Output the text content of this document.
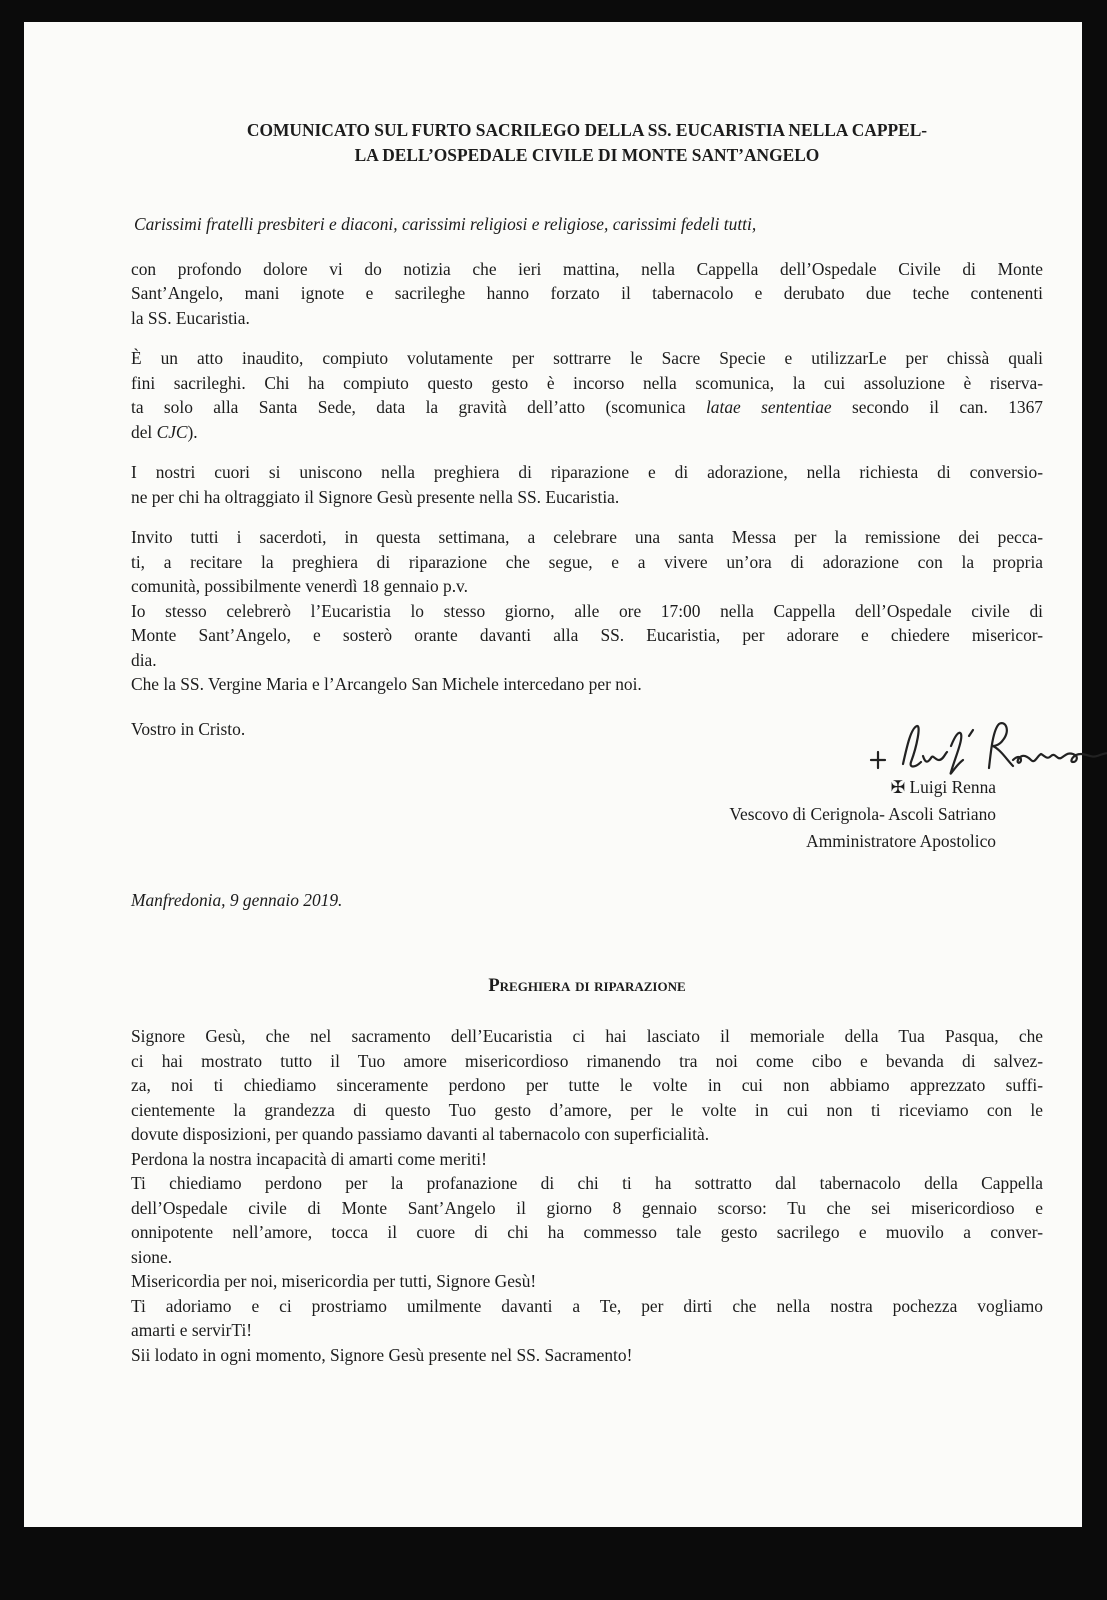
COMUNICATO SUL FURTO SACRILEGO DELLA SS. EUCARISTIA NELLA CAPPEL-
LA DELL’OSPEDALE CIVILE DI MONTE SANT’ANGELO
Carissimi fratelli presbiteri e diaconi, carissimi religiosi e religiose, carissimi fedeli tutti,

con profondo dolore vi do notizia che ieri mattina, nella Cappella dell’Ospedale Civile di Monte
Sant’Angelo, mani ignote e sacrileghe hanno forzato il tabernacolo e derubato due teche contenenti
la SS. Eucaristia.

È un atto inaudito, compiuto volutamente per sottrarre le Sacre Specie e utilizzarLe per chissà quali
fini sacrileghi. Chi ha compiuto questo gesto è incorso nella scomunica, la cui assoluzione è riserva-
ta solo alla Santa Sede, data la gravità dell’atto (scomunica latae sententiae secondo il can. 1367
del CJC).

I nostri cuori si uniscono nella preghiera di riparazione e di adorazione, nella richiesta di conversio-
ne per chi ha oltraggiato il Signore Gesù presente nella SS. Eucaristia.

Invito tutti i sacerdoti, in questa settimana, a celebrare una santa Messa per la remissione dei pecca-
ti, a recitare la preghiera di riparazione che segue, e a vivere un’ora di adorazione con la propria
comunità, possibilmente venerdì 18 gennaio p.v.
Io stesso celebrerò l’Eucaristia lo stesso giorno, alle ore 17:00 nella Cappella dell’Ospedale civile di
Monte Sant’Angelo, e sosterò orante davanti alla SS. Eucaristia, per adorare e chiedere misericor-
dia.
Che la SS. Vergine Maria e l’Arcangelo San Michele intercedano per noi.

Vostro in Cristo.
✠ Luigi Renna
Vescovo di Cerignola- Ascoli Satriano
Amministratore Apostolico
Manfredonia, 9 gennaio 2019.
Preghiera di riparazione
Signore Gesù, che nel sacramento dell’Eucaristia ci hai lasciato il memoriale della Tua Pasqua, che
ci hai mostrato tutto il Tuo amore misericordioso rimanendo tra noi come cibo e bevanda di salvez-
za, noi ti chiediamo sinceramente perdono per tutte le volte in cui non abbiamo apprezzato suffi-
cientemente la grandezza di questo Tuo gesto d’amore, per le volte in cui non ti riceviamo con le
dovute disposizioni, per quando passiamo davanti al tabernacolo con superficialità.
Perdona la nostra incapacità di amarti come meriti!
Ti chiediamo perdono per la profanazione di chi ti ha sottratto dal tabernacolo della Cappella
dell’Ospedale civile di Monte Sant’Angelo il giorno 8 gennaio scorso: Tu che sei misericordioso e
onnipotente nell’amore, tocca il cuore di chi ha commesso tale gesto sacrilego e muovilo a conver-
sione.
Misericordia per noi, misericordia per tutti, Signore Gesù!
Ti adoriamo e ci prostriamo umilmente davanti a Te, per dirti che nella nostra pochezza vogliamo
amarti e servirTi!
Sii lodato in ogni momento, Signore Gesù presente nel SS. Sacramento!
